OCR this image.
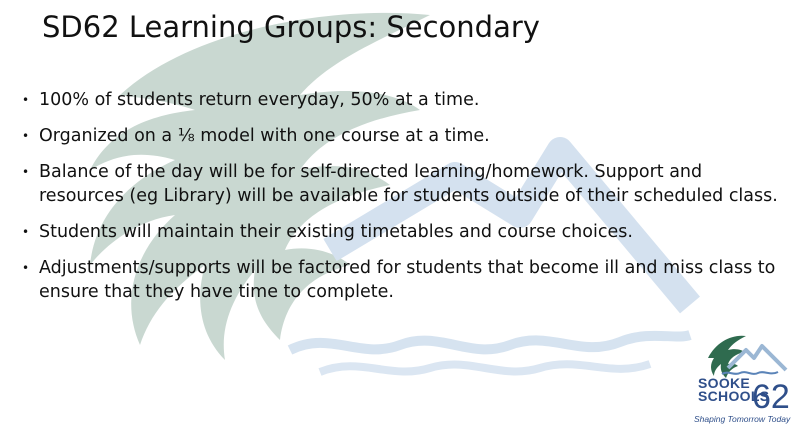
SD62 Learning Groups: Secondary
• 100% of students return everyday, 50% at a time.
• Organized on a ⅛ model with one course at a time.
• Balance of the day will be for self-directed learning/homework. Support and resources (eg Library) will be available for students outside of their scheduled class.
• Students will maintain their existing timetables and course choices.
• Adjustments/supports will be factored for students that become ill and miss class to ensure that they have time to complete.
SOOKE
SCHOOLS
62
Shaping Tomorrow Today
